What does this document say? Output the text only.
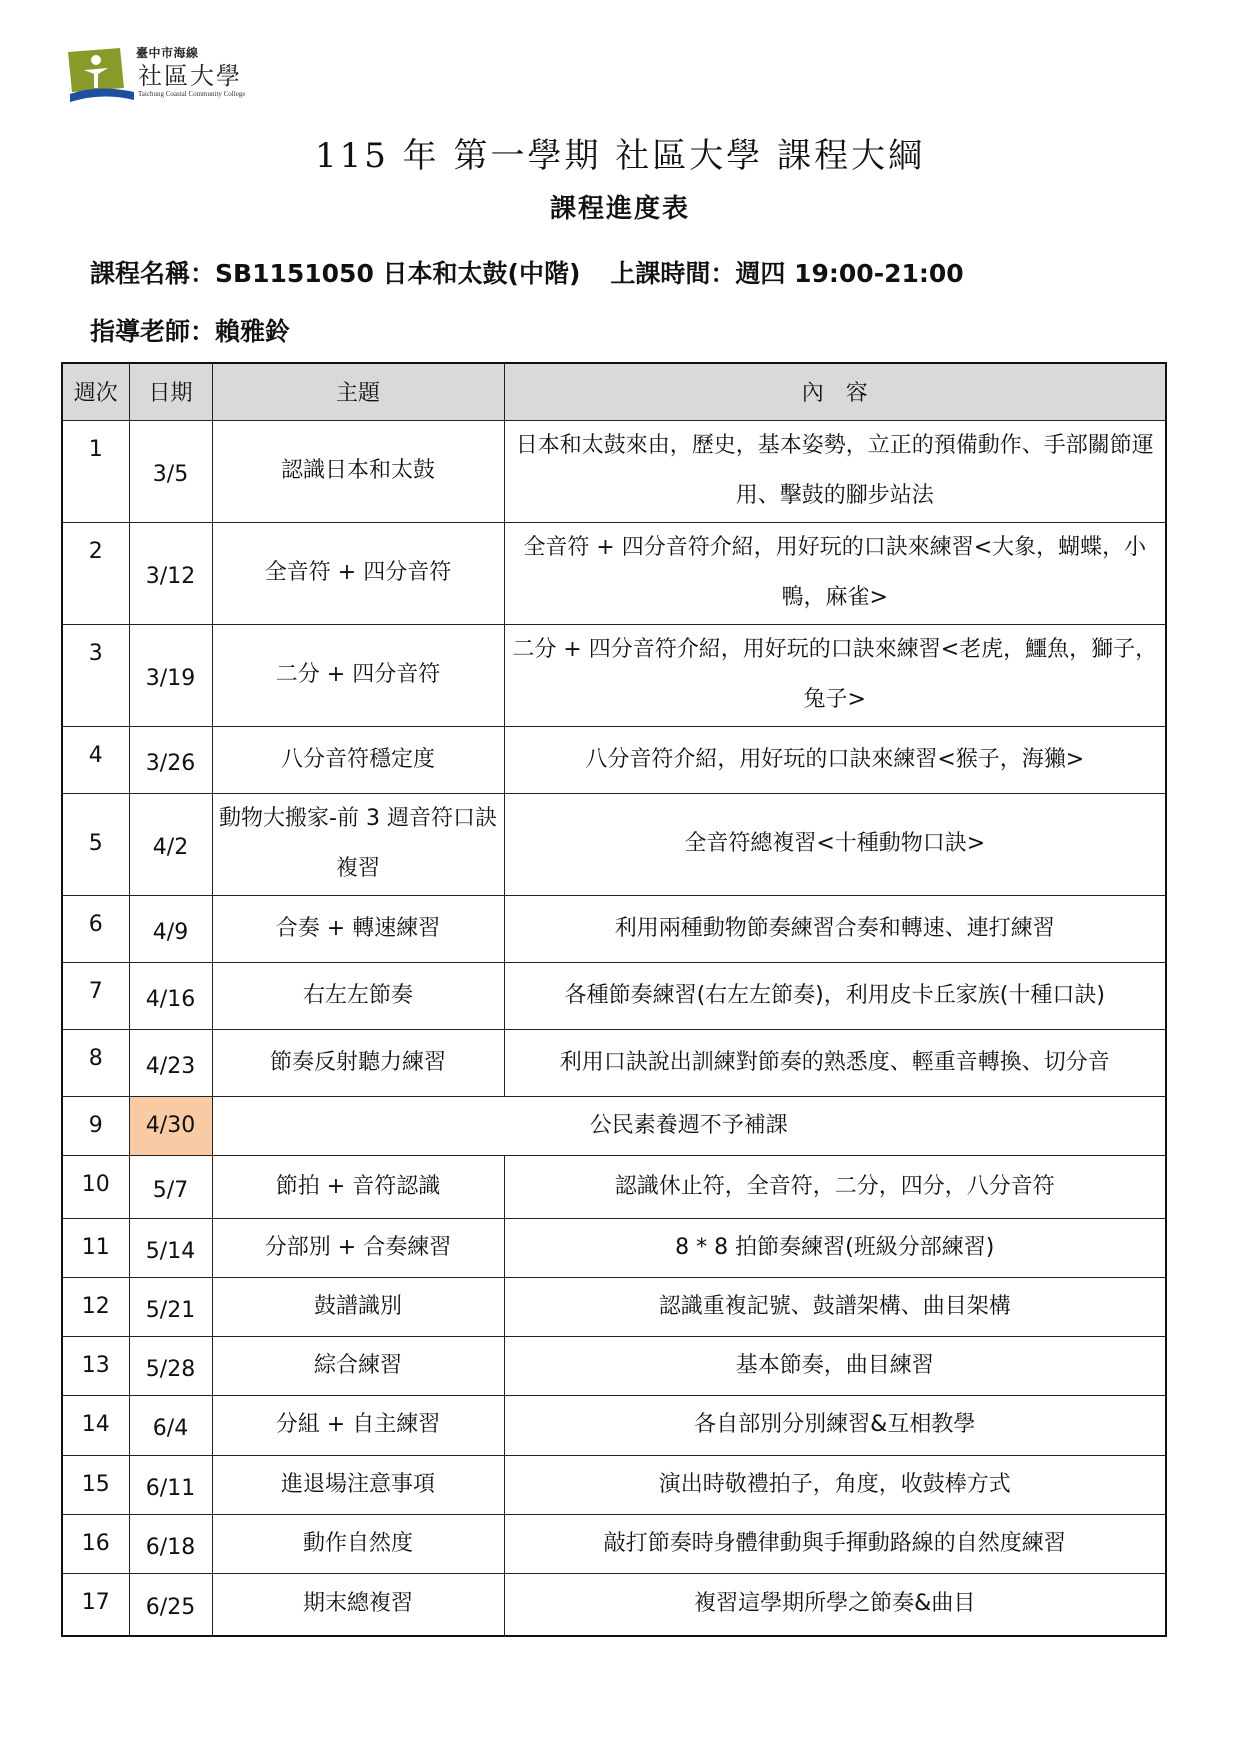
臺中市海線
社區大學
Taichung Coastal Community College
115 年 第一學期 社區大學 課程大綱
課程進度表
課程名稱：SB1151050 日本和太鼓(中階) 上課時間：週四 19:00-21:00
指導老師：賴雅鈴
週次	日期	主題	內　容
1	3/5	認識日本和太鼓	日本和太鼓來由，歷史，基本姿勢，立正的預備動作、手部關節運用、擊鼓的腳步站法
2	3/12	全音符 + 四分音符	全音符 + 四分音符介紹，用好玩的口訣來練習<大象，蝴蝶，小鴨，麻雀>
3	3/19	二分 + 四分音符	二分 + 四分音符介紹，用好玩的口訣來練習<老虎，鱷魚，獅子，兔子>
4	3/26	八分音符穩定度	八分音符介紹，用好玩的口訣來練習<猴子，海獺>
5	4/2	動物大搬家-前 3 週音符口訣複習	全音符總複習<十種動物口訣>
6	4/9	合奏 + 轉速練習	利用兩種動物節奏練習合奏和轉速、連打練習
7	4/16	右左左節奏	各種節奏練習(右左左節奏)，利用皮卡丘家族(十種口訣)
8	4/23	節奏反射聽力練習	利用口訣說出訓練對節奏的熟悉度、輕重音轉換、切分音
9	4/30	公民素養週不予補課	
10	5/7	節拍 + 音符認識	認識休止符，全音符，二分，四分，八分音符
11	5/14	分部別 + 合奏練習	8 * 8 拍節奏練習(班級分部練習)
12	5/21	鼓譜識別	認識重複記號、鼓譜架構、曲目架構
13	5/28	綜合練習	基本節奏，曲目練習
14	6/4	分組 + 自主練習	各自部別分別練習&互相教學
15	6/11	進退場注意事項	演出時敬禮拍子，角度，收鼓棒方式
16	6/18	動作自然度	敲打節奏時身體律動與手揮動路線的自然度練習
17	6/25	期末總複習	複習這學期所學之節奏&曲目
